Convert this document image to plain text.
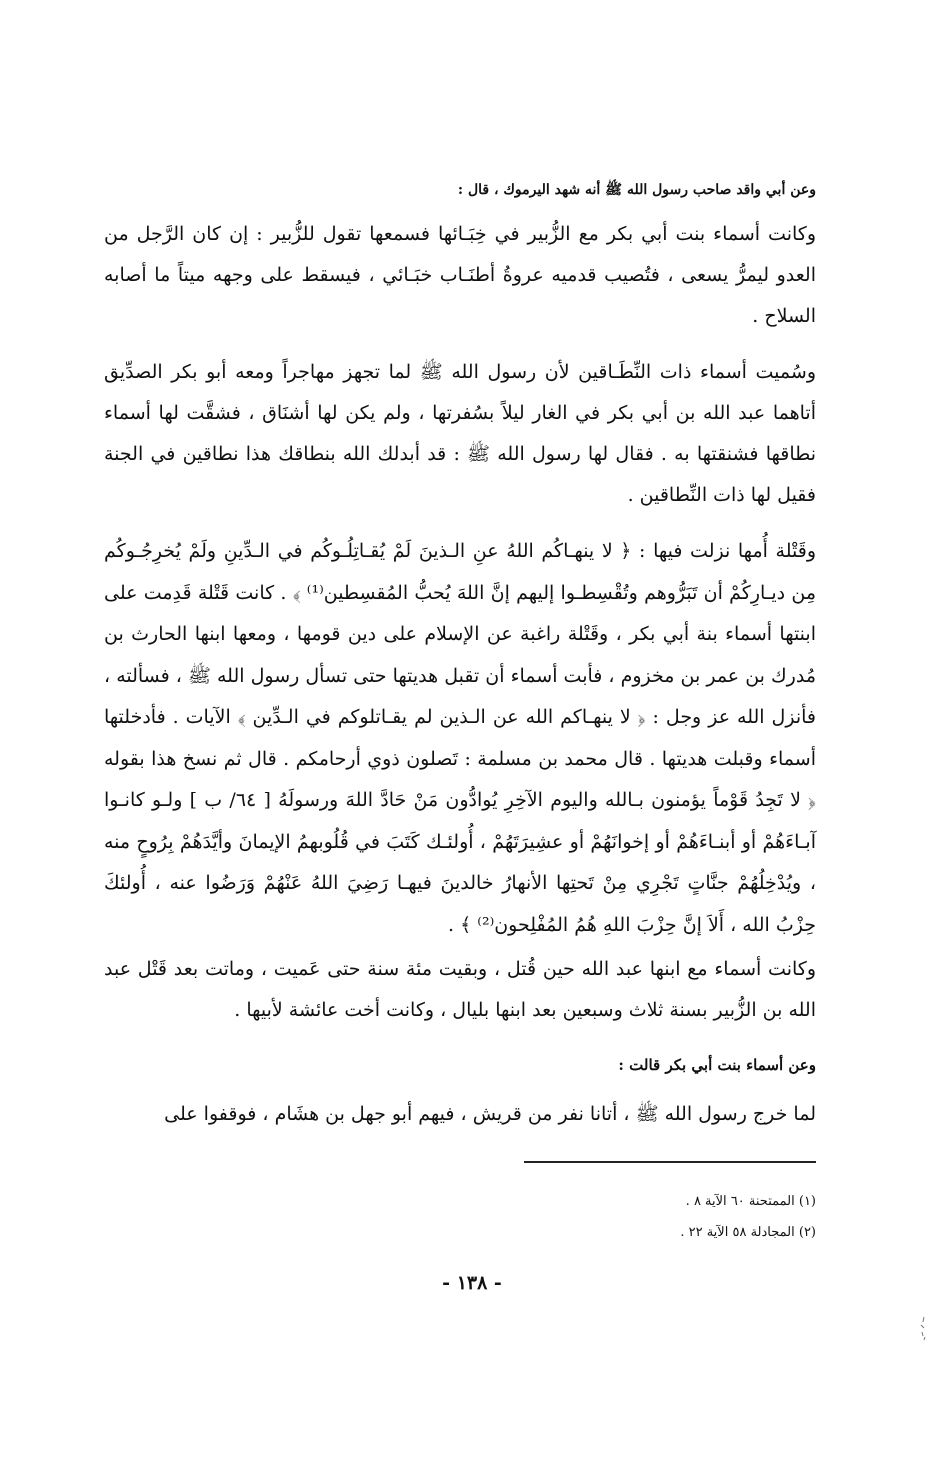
وعن أبي واقد صاحب رسول الله ﷺ أنه شهد اليرموك ، قال :
وكانت أسماء بنت أبي بكر مع الزُّبير في خِبَـائها فسمعها تقول للزُّبير : إن كان الرَّجل من العدو ليمرُّ يسعى ، فتُصيب قدميه عروةُ أطنَـاب خبَـائي ، فيسقط على وجهه ميتاً ما أصابه السلاح .
وسُميت أسماء ذات النِّطَـاقين لأن رسول الله ﷺ لما تجهز مهاجراً ومعه أبو بكر الصدِّيق أتاهما عبد الله بن أبي بكر في الغار ليلاً بسُفرتها ، ولم يكن لها أشنَاق ، فشقَّت لها أسماء نطاقها فشنقتها به . فقال لها رسول الله ﷺ : قد أبدلك الله بنطاقك هذا نطاقين في الجنة فقيل لها ذات النِّطاقين .
وقَتْلة أُمها نزلت فيها : ﴿ لا ينهـاكُم اللهُ عنِ الـذينَ لَمْ يُقـاتِلُـوكُم في الـدِّينِ ولَمْ يُخرِجُـوكُم مِن ديـارِكُمْ أن تَبَرُّوهم وتُقْسِطـوا إليهم إنَّ اللهَ يُحبُّ المُقسِطين⁽¹⁾ ﴾ . كانت قَتْلة قَدِمت على ابنتها أسماء بنة أبي بكر ، وقَتْلة راغبة عن الإسلام على دين قومها ، ومعها ابنها الحارث بن مُدرك بن عمر بن مخزوم ، فأبت أسماء أن تقبل هديتها حتى تسأل رسول الله ﷺ ، فسألته ، فأنزل الله عز وجل : ﴿ لا ينهـاكم الله عن الـذين لم يقـاتلوكم في الـدِّين ﴾ الآيات . فأدخلتها أسماء وقبلت هديتها . قال محمد بن مسلمة : تَصلون ذوي أرحامكم . قال ثم نسخ هذا بقوله ﴿ لا تَجِدُ قَوْماً يؤمنون بـالله واليوم الآخِرِ يُوادُّون مَنْ حَادَّ اللهَ ورسولَهُ [ ٦٤/ ب ] ولـو كانـوا آبـاءَهُمْ أو أبنـاءَهُمْ أو إخوانَهُمْ أو عشِيرَتَهُمْ ، أُولئـك كَتَبَ في قُلُوبهمُ الإيمانَ وأيَّدَهُمْ بِرُوحٍ منه ، ويُدْخِلُهُمْ جنَّاتٍ تَجْرِي مِنْ تَحتِها الأنهارُ خالدينَ فيهـا رَضِيَ اللهُ عَنْهُمْ وَرَضُوا عنه ، أُولئكَ حِزْبُ الله ، أَلاَ إنَّ حِزْبَ اللهِ هُمُ المُفْلِحون⁽²⁾ ﴾ .
وكانت أسماء مع ابنها عبد الله حين قُتل ، وبقيت مئة سنة حتى عَميت ، وماتت بعد قَتْل عبد الله بن الزُّبير بسنة ثلاث وسبعين بعد ابنها بليال ، وكانت أخت عائشة لأبيها .
وعن أسماء بنت أبي بكر قالت :
لما خرج رسول الله ﷺ ، أتانا نفر من قريش ، فيهم أبو جهل بن هشَام ، فوقفوا على
(١) الممتحنة ٦٠ الآية ٨ .
(٢) المجادلة ٥٨ الآية ٢٢ .
- ١٣٨ -
